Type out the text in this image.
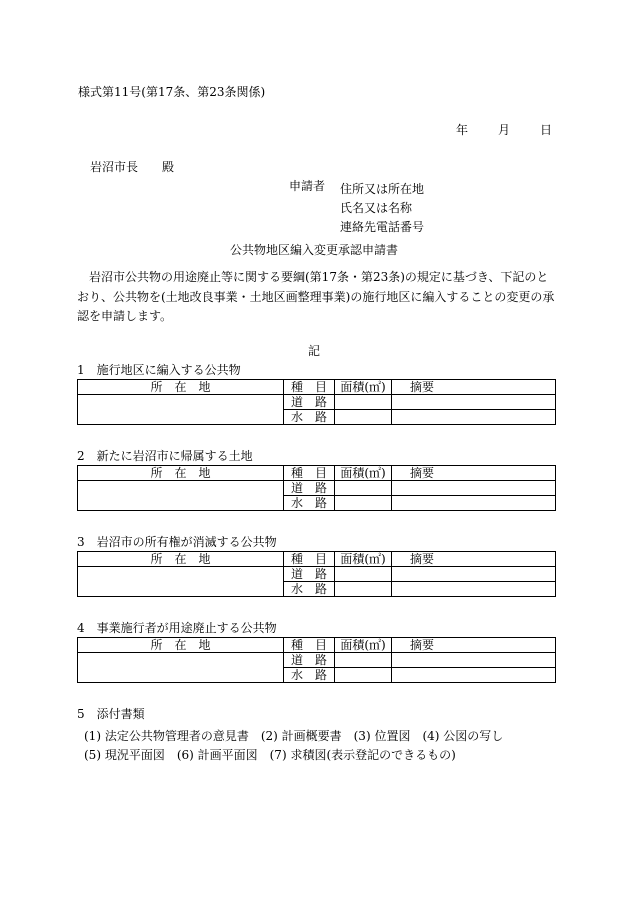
様式第11号(第17条、第23条関係)
年	月	日
岩沼市長　　殿
申請者 住所又は所在地
氏名又は名称
連絡先電話番号
公共物地区編入変更承認申請書
岩沼市公共物の用途廃止等に関する要綱(第17条・第23条)の規定に基づき、下記のとおり、公共物を(土地改良事業・土地区画整理事業)の施行地区に編入することの変更の承認を申請します。
記
1　施行地区に編入する公共物
所　在　地	種　目	面積(㎡)	摘要
	道　路		
	水　路		
2　新たに岩沼市に帰属する土地
所　在　地	種　目	面積(㎡)	摘要
	道　路		
	水　路		
3　岩沼市の所有権が消滅する公共物
所　在　地	種　目	面積(㎡)	摘要
	道　路		
	水　路		
4　事業施行者が用途廃止する公共物
所　在　地	種　目	面積(㎡)	摘要
	道　路		
	水　路		
5　添付書類
(1) 法定公共物管理者の意見書　(2) 計画概要書　(3) 位置図　(4) 公図の写し
(5) 現況平面図　(6) 計画平面図　(7) 求積図(表示登記のできるもの)
